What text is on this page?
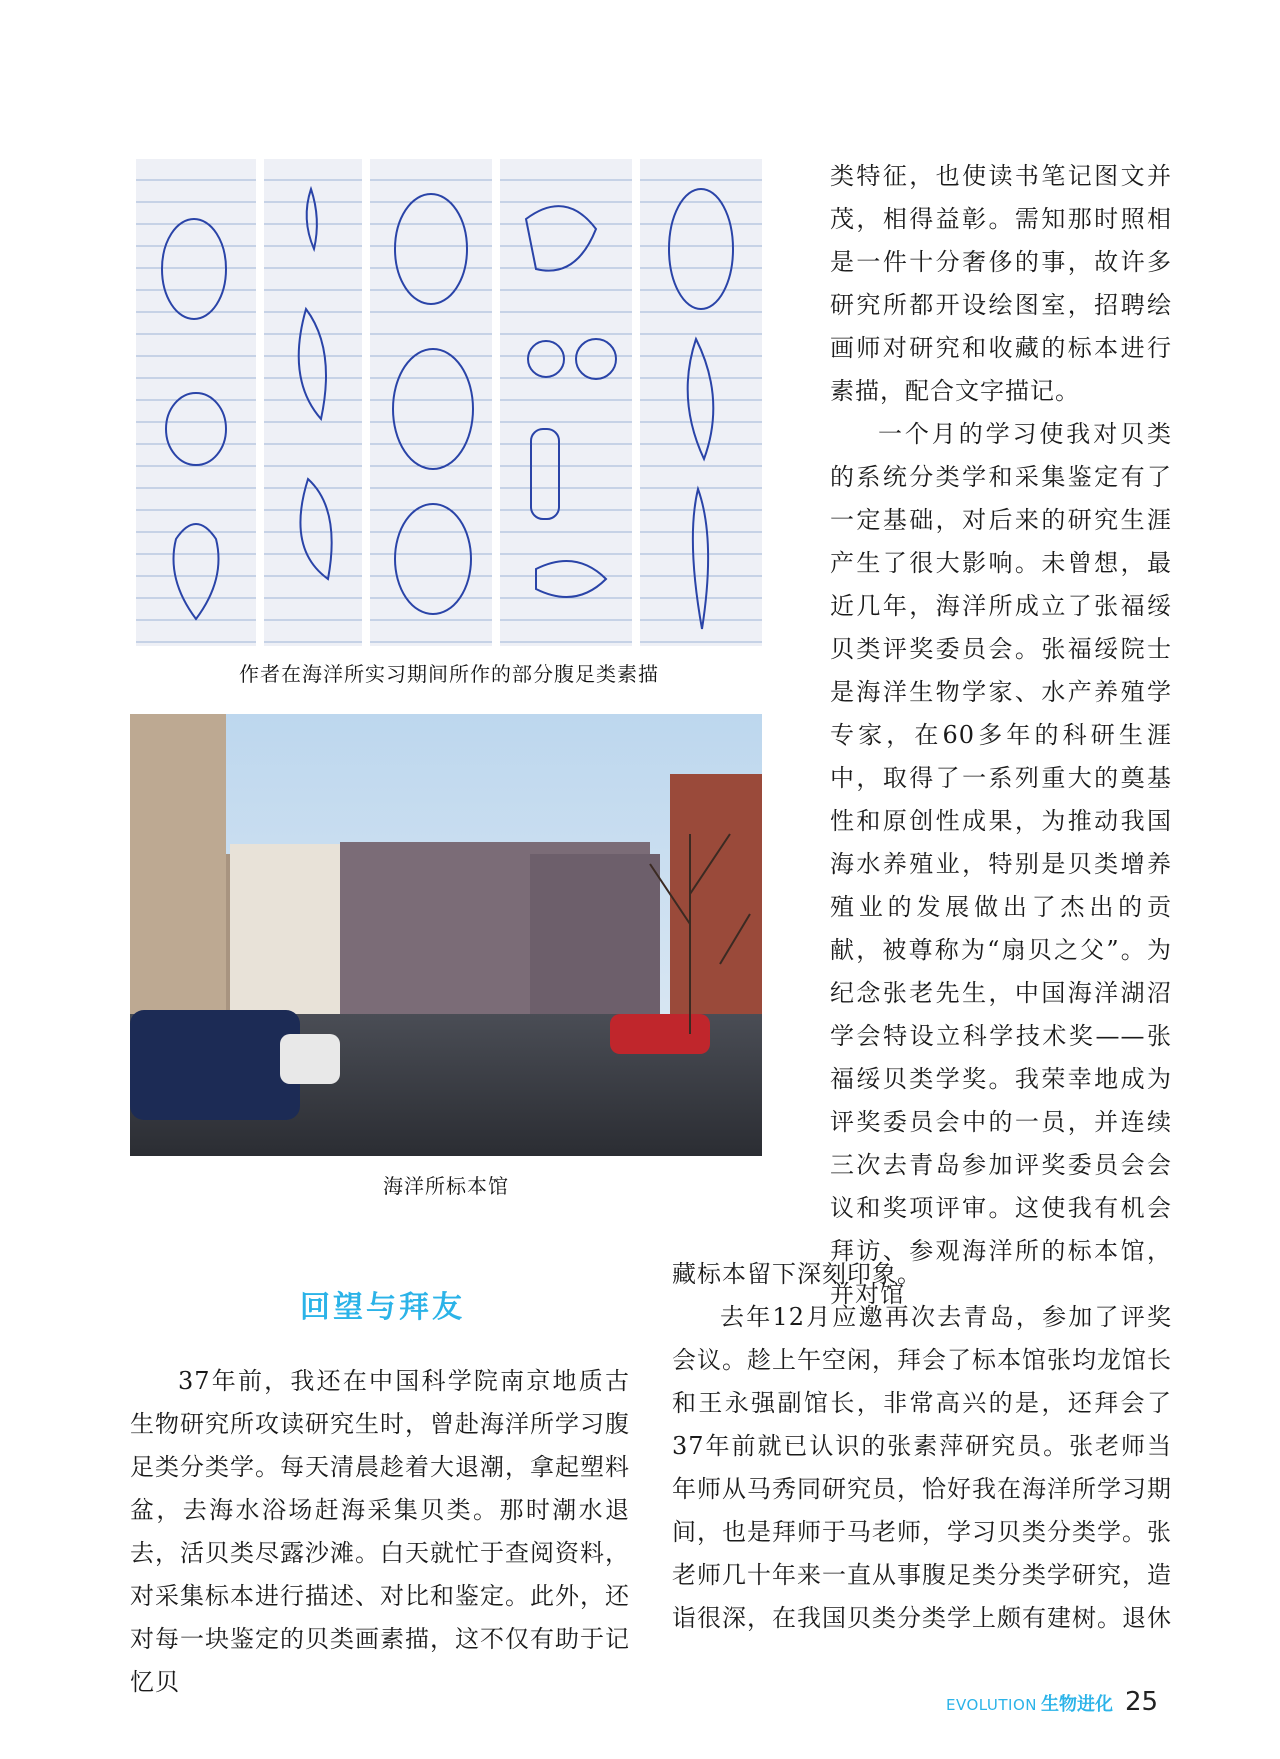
作者在海洋所实习期间所作的部分腹足类素描
海洋所标本馆

类特征，也使读书笔记图文并茂，相得益彰。需知那时照相是一件十分奢侈的事，故许多研究所都开设绘图室，招聘绘画师对研究和收藏的标本进行素描，配合文字描记。

一个月的学习使我对贝类的系统分类学和采集鉴定有了一定基础，对后来的研究生涯产生了很大影响。未曾想，最近几年，海洋所成立了张福绥贝类评奖委员会。张福绥院士是海洋生物学家、水产养殖学专家，在60多年的科研生涯中，取得了一系列重大的奠基性和原创性成果，为推动我国海水养殖业，特别是贝类增养殖业的发展做出了杰出的贡献，被尊称为“扇贝之父”。为纪念张老先生，中国海洋湖沼学会特设立科学技术奖——张福绥贝类学奖。我荣幸地成为评奖委员会中的一员，并连续三次去青岛参加评奖委员会会议和奖项评审。这使我有机会拜访、参观海洋所的标本馆，并对馆

回望与拜友

藏标本留下深刻印象。

去年12月应邀再次去青岛，参加了评奖会议。趁上午空闲，拜会了标本馆张均龙馆长和王永强副馆长，非常高兴的是，还拜会了37年前就已认识的张素萍研究员。张老师当年师从马秀同研究员，恰好我在海洋所学习期间，也是拜师于马老师，学习贝类分类学。张老师几十年来一直从事腹足类分类学研究，造诣很深，在我国贝类分类学上颇有建树。退休

37年前，我还在中国科学院南京地质古生物研究所攻读研究生时，曾赴海洋所学习腹足类分类学。每天清晨趁着大退潮，拿起塑料盆，去海水浴场赶海采集贝类。那时潮水退去，活贝类尽露沙滩。白天就忙于查阅资料，对采集标本进行描述、对比和鉴定。此外，还对每一块鉴定的贝类画素描，这不仅有助于记忆贝

EVOLUTION 生物进化 25
